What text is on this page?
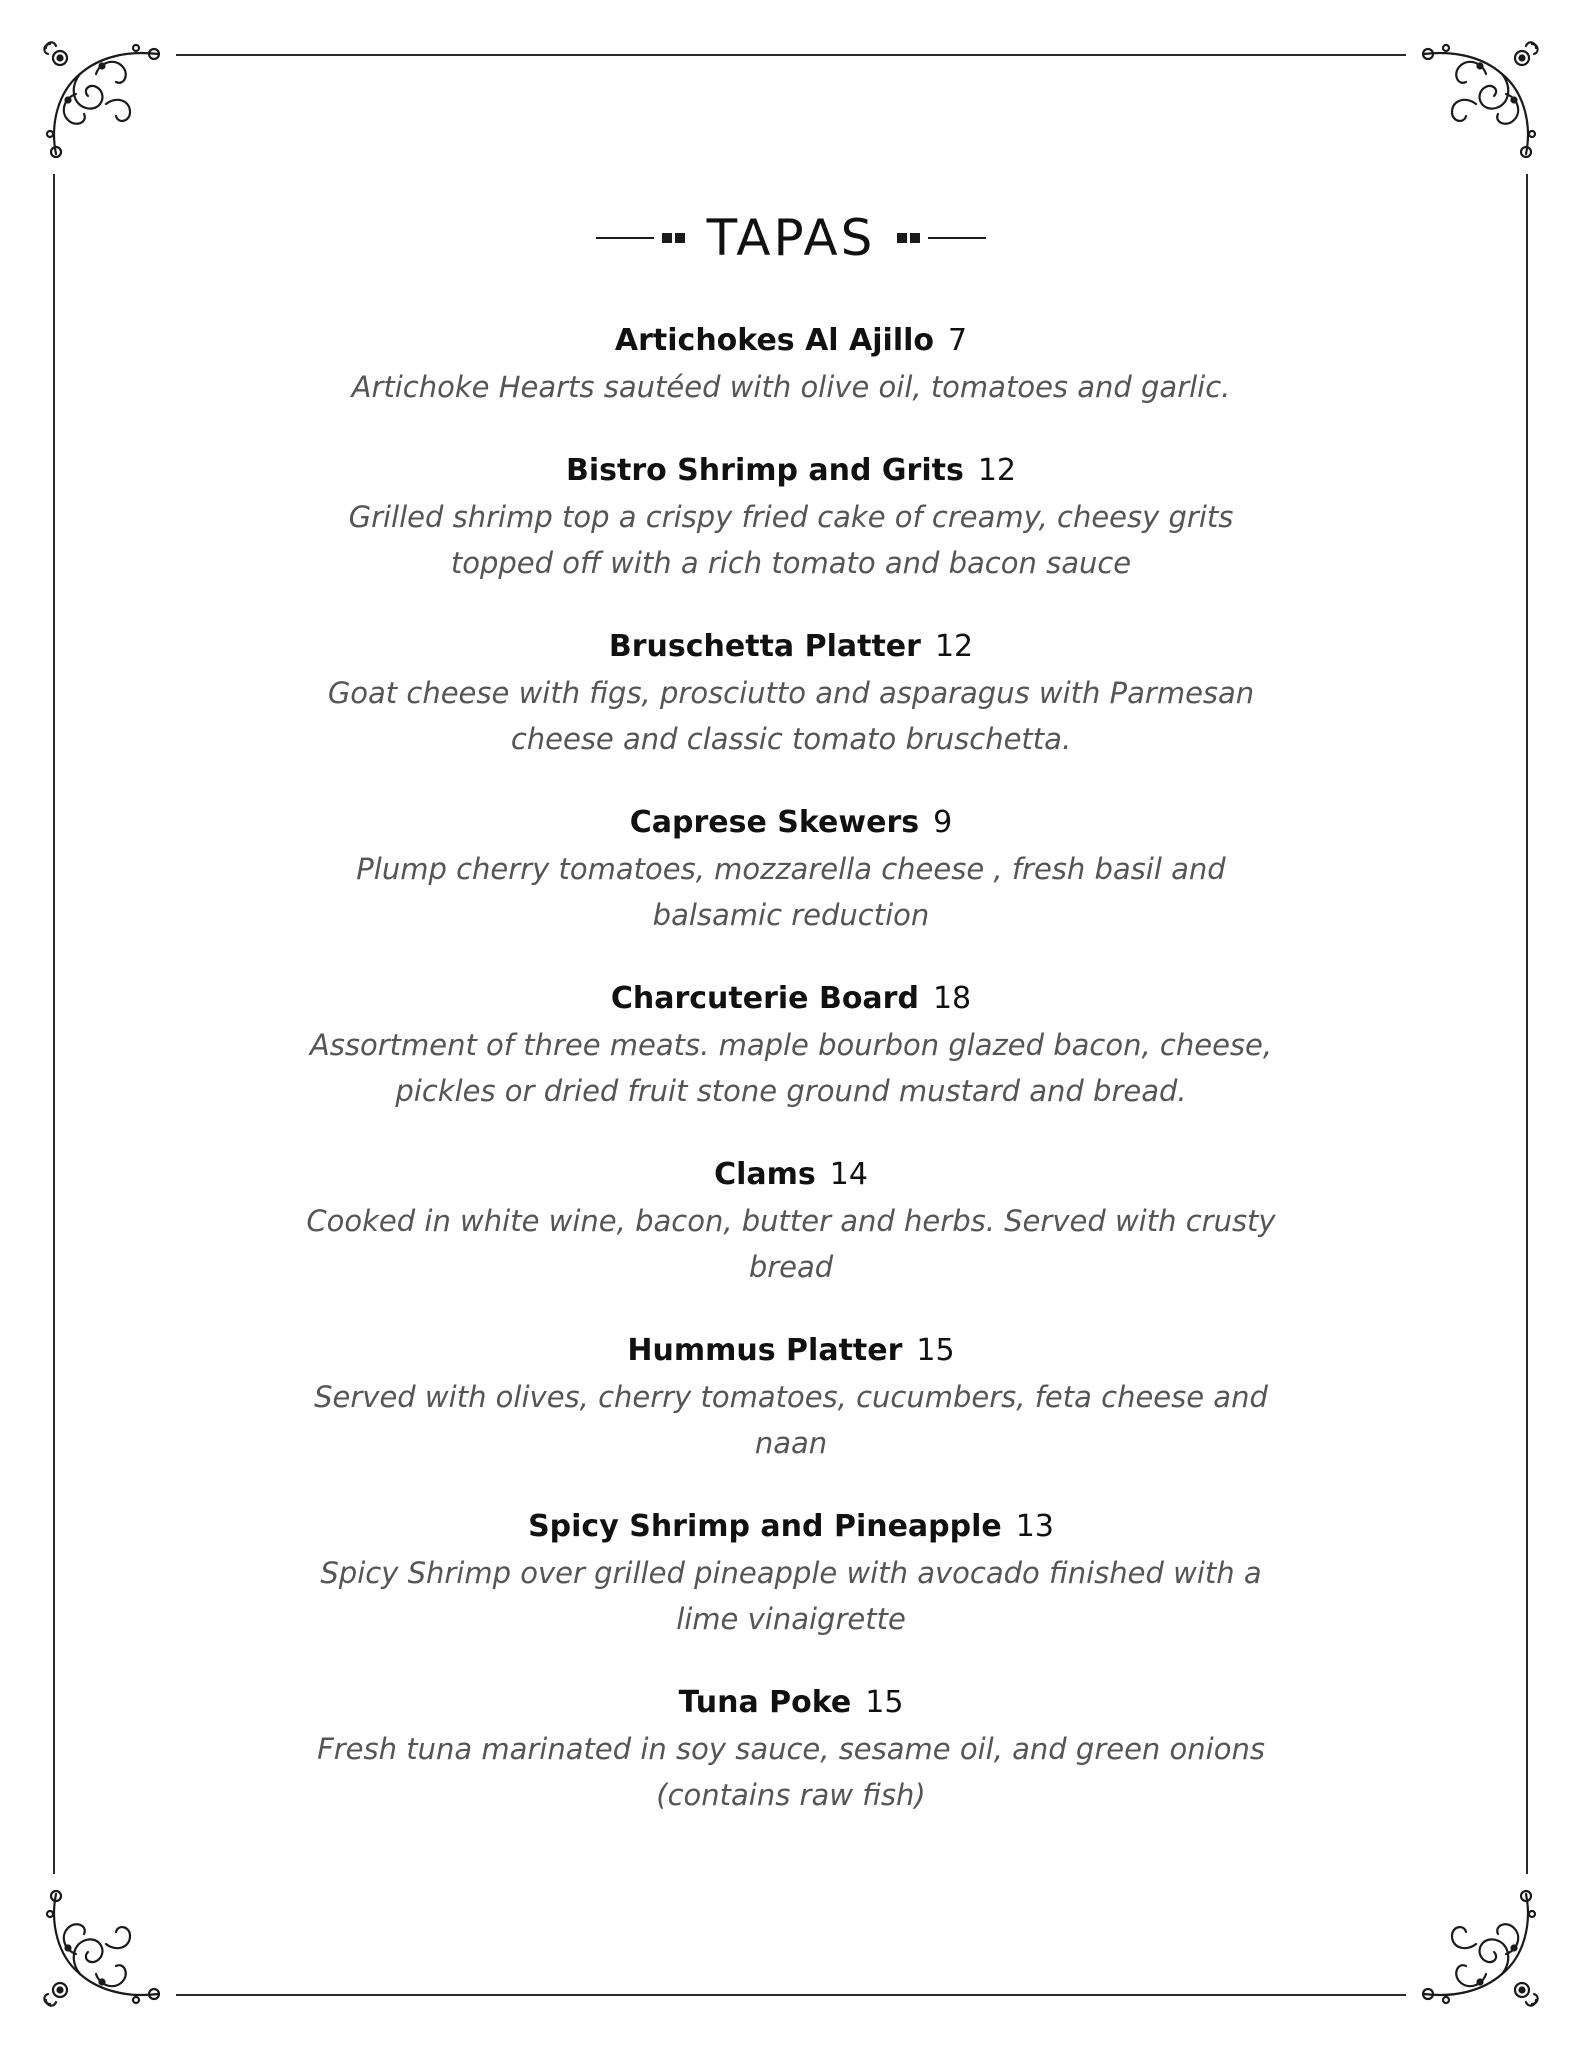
TAPAS
Artichokes Al Ajillo 7
Artichoke Hearts sautéed with olive oil, tomatoes and garlic.
Bistro Shrimp and Grits 12
Grilled shrimp top a crispy fried cake of creamy, cheesy grits
topped off with a rich tomato and bacon sauce
Bruschetta Platter 12
Goat cheese with figs, prosciutto and asparagus with Parmesan
cheese and classic tomato bruschetta.
Caprese Skewers 9
Plump cherry tomatoes, mozzarella cheese , fresh basil and
balsamic reduction
Charcuterie Board 18
Assortment of three meats. maple bourbon glazed bacon, cheese,
pickles or dried fruit stone ground mustard and bread.
Clams 14
Cooked in white wine, bacon, butter and herbs. Served with crusty
bread
Hummus Platter 15
Served with olives, cherry tomatoes, cucumbers, feta cheese and
naan
Spicy Shrimp and Pineapple 13
Spicy Shrimp over grilled pineapple with avocado finished with a
lime vinaigrette
Tuna Poke 15
Fresh tuna marinated in soy sauce, sesame oil, and green onions
(contains raw fish)
